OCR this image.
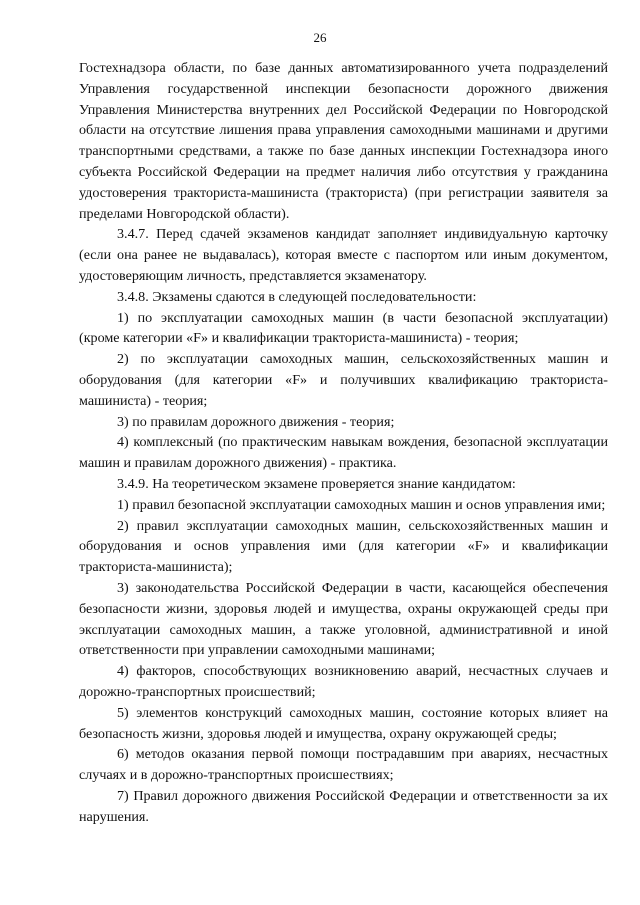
26

Гостехнадзора области, по базе данных автоматизированного учета подразделений Управления государственной инспекции безопасности дорожного движения Управления Министерства внутренних дел Российской Федерации по Новгородской области на отсутствие лишения права управления самоходными машинами и другими транспортными средствами, а также по базе данных инспекции Гостехнадзора иного субъекта Российской Федерации на предмет наличия либо отсутствия у гражданина удостоверения тракториста-машиниста (тракториста) (при регистрации заявителя за пределами Новгородской области).

3.4.7. Перед сдачей экзаменов кандидат заполняет индивидуальную карточку (если она ранее не выдавалась), которая вместе с паспортом или иным документом, удостоверяющим личность, представляется экзаменатору.

3.4.8. Экзамены сдаются в следующей последовательности:

1) по эксплуатации самоходных машин (в части безопасной эксплуатации) (кроме категории «F» и квалификации тракториста-машиниста) - теория;

2) по эксплуатации самоходных машин, сельскохозяйственных машин и оборудования (для категории «F» и получивших квалификацию тракториста-машиниста) - теория;

3) по правилам дорожного движения - теория;

4) комплексный (по практическим навыкам вождения, безопасной эксплуатации машин и правилам дорожного движения) - практика.

3.4.9. На теоретическом экзамене проверяется знание кандидатом:

1) правил безопасной эксплуатации самоходных машин и основ управления ими;

2) правил эксплуатации самоходных машин, сельскохозяйственных машин и оборудования и основ управления ими (для категории «F» и квалификации тракториста-машиниста);

3) законодательства Российской Федерации в части, касающейся обеспечения безопасности жизни, здоровья людей и имущества, охраны окружающей среды при эксплуатации самоходных машин, а также уголовной, административной и иной ответственности при управлении самоходными машинами;

4) факторов, способствующих возникновению аварий, несчастных случаев и дорожно-транспортных происшествий;

5) элементов конструкций самоходных машин, состояние которых влияет на безопасность жизни, здоровья людей и имущества, охрану окружающей среды;

6) методов оказания первой помощи пострадавшим при авариях, несчастных случаях и в дорожно-транспортных происшествиях;

7) Правил дорожного движения Российской Федерации и ответственности за их нарушения.
